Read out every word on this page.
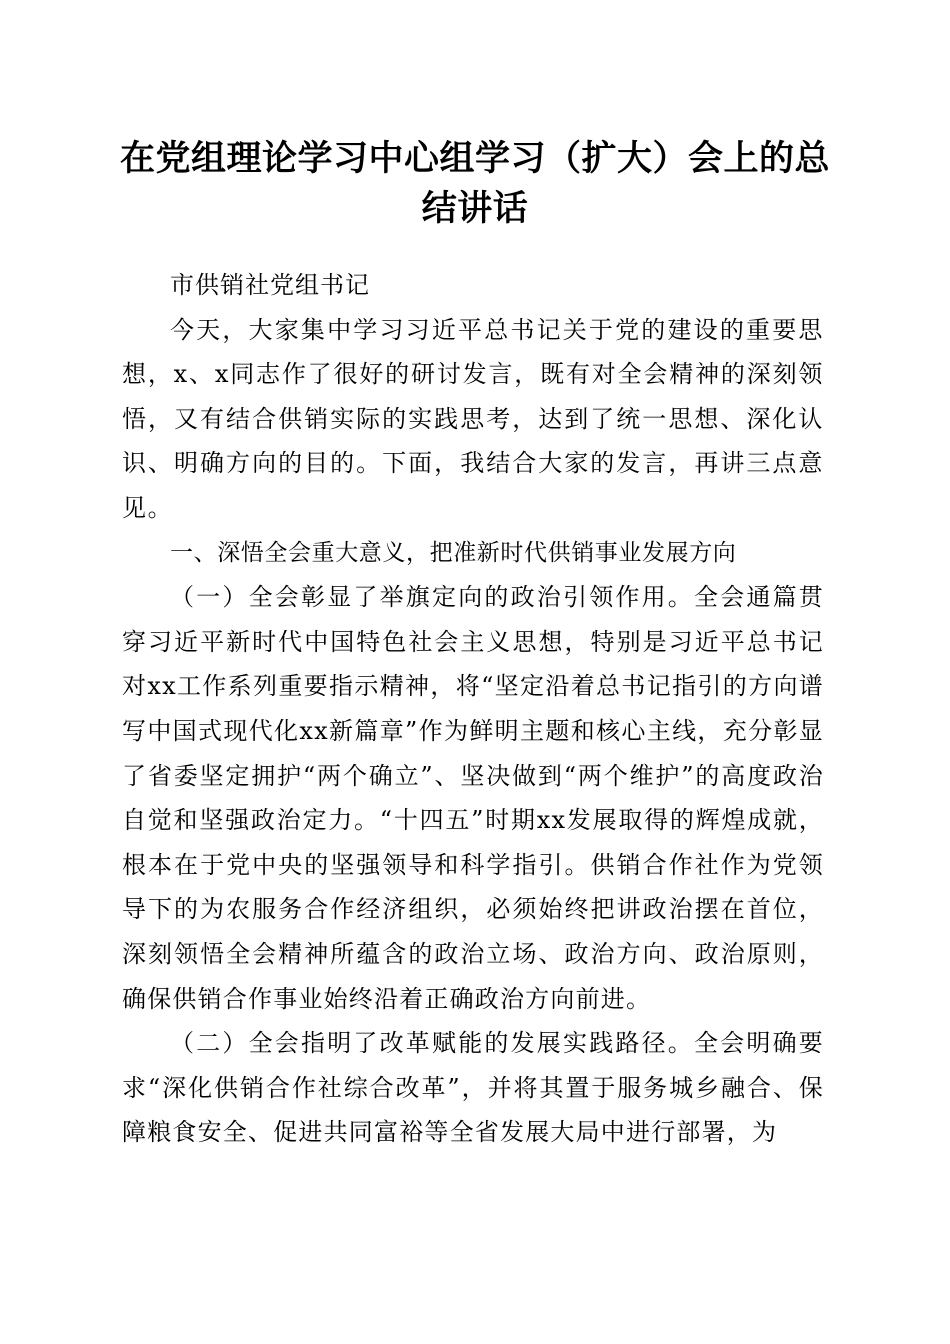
在党组理论学习中心组学习（扩大）会上的总结讲话

市供销社党组书记

今天，大家集中学习习近平总书记关于党的建设的重要思想，x、x同志作了很好的研讨发言，既有对全会精神的深刻领悟，又有结合供销实际的实践思考，达到了统一思想、深化认识、明确方向的目的。下面，我结合大家的发言，再讲三点意见。

一、深悟全会重大意义，把准新时代供销事业发展方向

（一）全会彰显了举旗定向的政治引领作用。全会通篇贯穿习近平新时代中国特色社会主义思想，特别是习近平总书记对xx工作系列重要指示精神，将“坚定沿着总书记指引的方向谱写中国式现代化xx新篇章”作为鲜明主题和核心主线，充分彰显了省委坚定拥护“两个确立”、坚决做到“两个维护”的高度政治自觉和坚强政治定力。“十四五”时期xx发展取得的辉煌成就，根本在于党中央的坚强领导和科学指引。供销合作社作为党领导下的为农服务合作经济组织，必须始终把讲政治摆在首位，深刻领悟全会精神所蕴含的政治立场、政治方向、政治原则，确保供销合作事业始终沿着正确政治方向前进。

（二）全会指明了改革赋能的发展实践路径。全会明确要求“深化供销合作社综合改革”，并将其置于服务城乡融合、保障粮食安全、促进共同富裕等全省发展大局中进行部署，为
